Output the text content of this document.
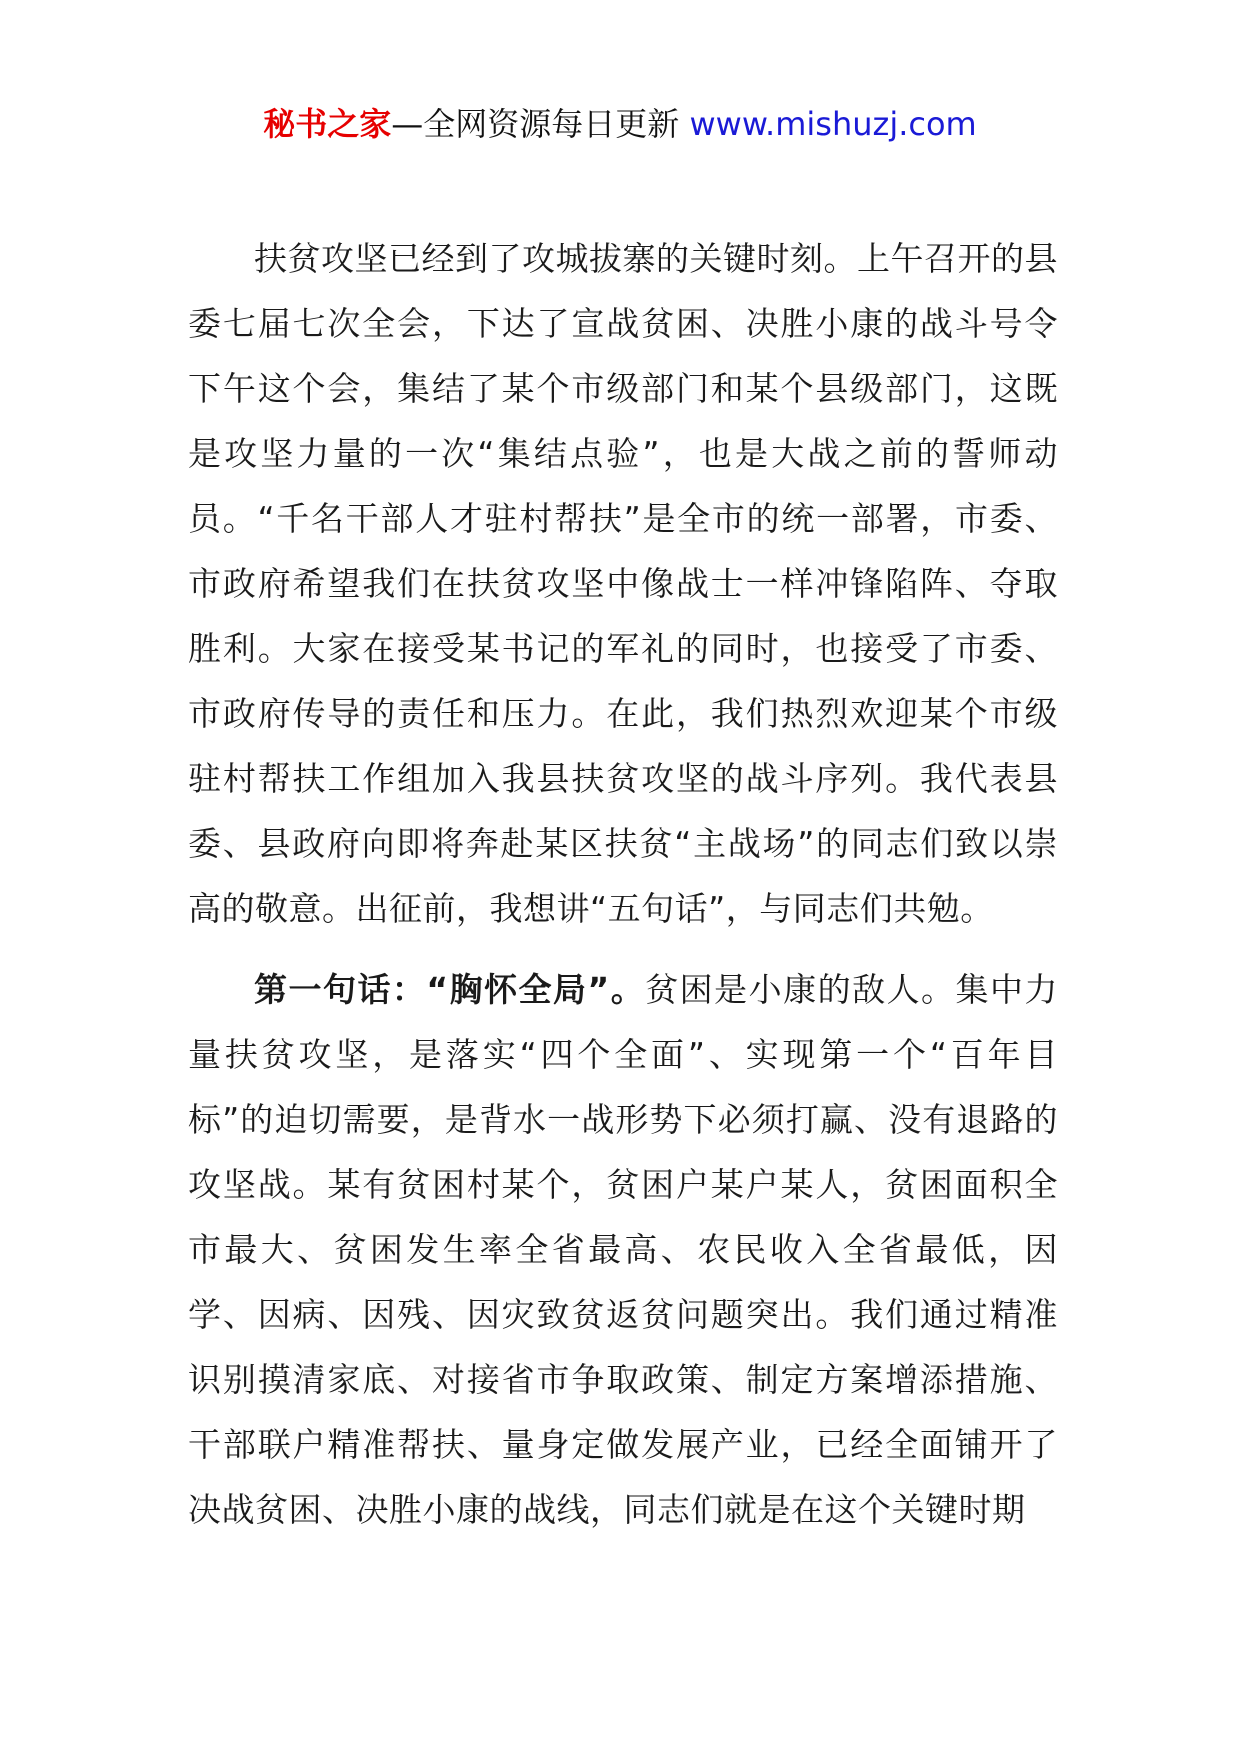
秘书之家—全网资源每日更新 www.mishuzj.com

扶贫攻坚已经到了攻城拔寨的关键时刻。上午召开的县委七届七次全会，下达了宣战贫困、决胜小康的战斗号令下午这个会，集结了某个市级部门和某个县级部门，这既是攻坚力量的一次“集结点验”，也是大战之前的誓师动员。“千名干部人才驻村帮扶”是全市的统一部署，市委、市政府希望我们在扶贫攻坚中像战士一样冲锋陷阵、夺取胜利。大家在接受某书记的军礼的同时，也接受了市委、市政府传导的责任和压力。在此，我们热烈欢迎某个市级驻村帮扶工作组加入我县扶贫攻坚的战斗序列。我代表县委、县政府向即将奔赴某区扶贫“主战场”的同志们致以崇高的敬意。出征前，我想讲“五句话”，与同志们共勉。

第一句话：“胸怀全局”。贫困是小康的敌人。集中力量扶贫攻坚，是落实“四个全面”、实现第一个“百年目标”的迫切需要，是背水一战形势下必须打赢、没有退路的攻坚战。某有贫困村某个，贫困户某户某人，贫困面积全市最大、贫困发生率全省最高、农民收入全省最低，因学、因病、因残、因灾致贫返贫问题突出。我们通过精准识别摸清家底、对接省市争取政策、制定方案增添措施、干部联户精准帮扶、量身定做发展产业，已经全面铺开了决战贫困、决胜小康的战线，同志们就是在这个关键时期
